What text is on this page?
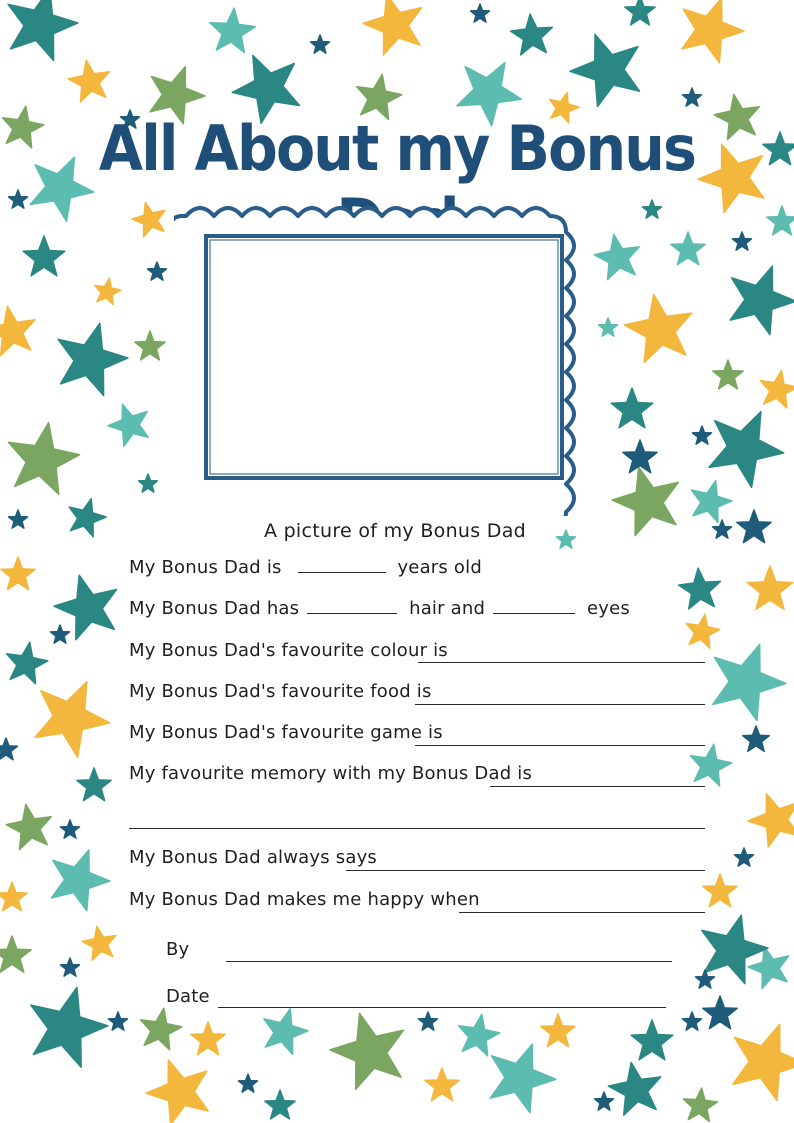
All About my Bonus
A picture of my Bonus Dad
My Bonus Dad is	years old
My Bonus Dad has	hair and	eyes
My Bonus Dad's favourite colour is
My Bonus Dad's favourite food is
My Bonus Dad's favourite game is
My favourite memory with my Bonus Dad is
My Bonus Dad always says
My Bonus Dad makes me happy when
By
Date
